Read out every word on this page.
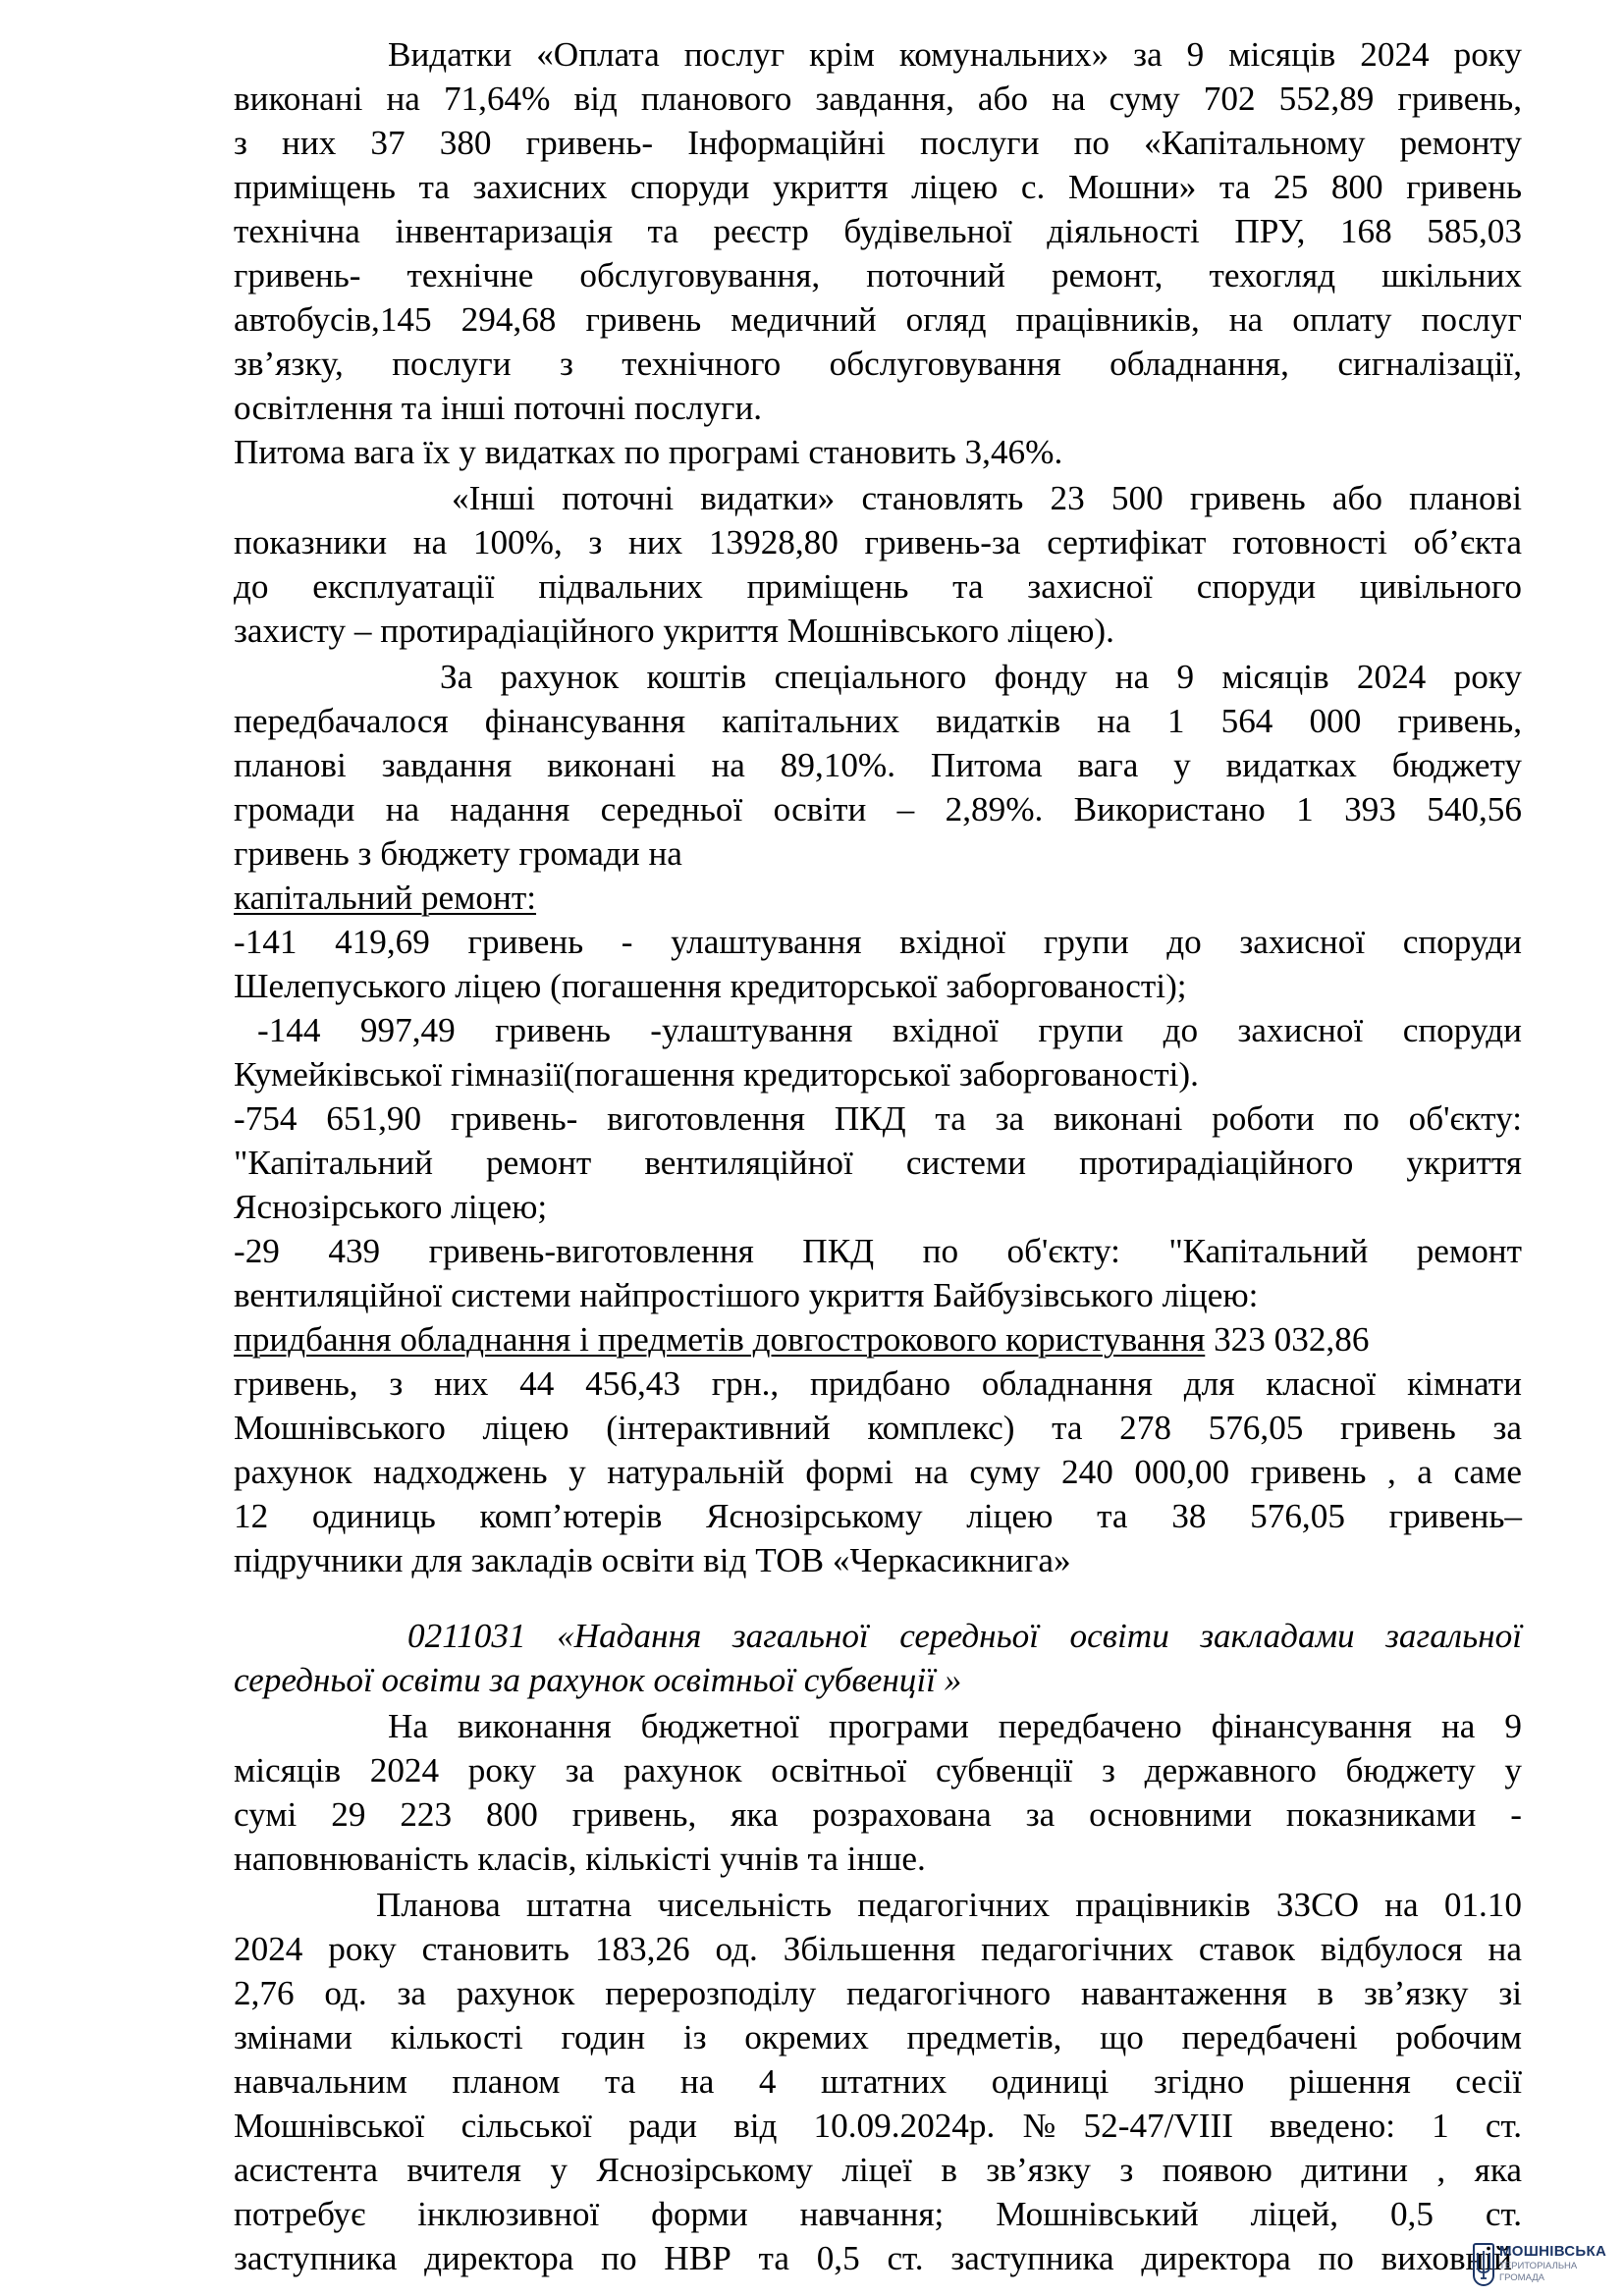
Видатки «Оплата послуг крім комунальних» за 9 місяців 2024 року
виконані на 71,64% від планового завдання, або на суму 702 552,89 гривень,
з них 37 380 гривень- Інформаційні послуги по «Капітальному ремонту
приміщень та захисних споруди укриття ліцею с. Мошни» та 25 800 гривень
технічна інвентаризація та реєстр будівельної діяльності ПРУ, 168 585,03
гривень- технічне обслуговування, поточний ремонт, техогляд шкільних
автобусів,145 294,68 гривень медичний огляд працівників, на оплату послуг
зв’язку, послуги з технічного обслуговування обладнання, сигналізації,
освітлення та інші поточні послуги.
Питома вага їх у видатках по програмі становить 3,46%.
«Інші поточні видатки» становлять 23 500 гривень або планові
показники на 100%, з них 13928,80 гривень-за сертифікат готовності об’єкта
до експлуатації підвальних приміщень та захисної споруди цивільного
захисту – протирадіаційного укриття Мошнівського ліцею).
За рахунок коштів спеціального фонду на 9 місяців 2024 року
передбачалося фінансування капітальних видатків на 1 564 000 гривень,
планові завдання виконані на 89,10%. Питома вага у видатках бюджету
громади на надання середньої освіти – 2,89%. Використано 1 393 540,56
гривень з бюджету громади на
капітальний ремонт:
-141 419,69 гривень - улаштування вхідної групи до захисної споруди
Шелепуського ліцею (погашення кредиторської заборгованості);
-144 997,49 гривень -улаштування вхідної групи до захисної споруди
Кумейківської гімназії(погашення кредиторської заборгованості).
-754 651,90 гривень- виготовлення ПКД та за виконані роботи по об'єкту:
"Капітальний ремонт вентиляційної системи протирадіаційного укриття
Яснозірського ліцею;
-29 439 гривень-виготовлення ПКД по об'єкту: "Капітальний ремонт
вентиляційної системи найпростішого укриття Байбузівського ліцею:
придбання обладнання і предметів довгострокового користування 323 032,86
гривень, з них 44 456,43 грн., придбано обладнання для класної кімнати
Мошнівського ліцею (інтерактивний комплекс) та 278 576,05 гривень за
рахунок надходжень у натуральній формі на суму 240 000,00 гривень , а саме
12 одиниць комп’ютерів Яснозірському ліцею та 38 576,05 гривень–
підручники для закладів освіти від ТОВ «Черкасикнига»
0211031 «Надання загальної середньої освіти закладами загальної
середньої освіти за рахунок освітньої субвенції »
На виконання бюджетної програми передбачено фінансування на 9
місяців 2024 року за рахунок освітньої субвенції з державного бюджету у
сумі 29 223 800 гривень, яка розрахована за основними показниками -
наповнюваність класів, кількісті учнів та інше.
Планова штатна чисельність педагогічних працівників ЗЗСО на 01.10
2024 року становить 183,26 од. Збільшення педагогічних ставок відбулося на
2,76 од. за рахунок перерозподілу педагогічного навантаження в зв’язку зі
змінами кількості годин із окремих предметів, що передбачені робочим
навчальним планом та на 4 штатних одиниці згідно рішення сесії
Мошнівської сільської ради від 10.09.2024р.№52-47/VIII введено: 1 ст.
асистента вчителя у Яснозірському ліцеї в зв’язку з появою дитини , яка
потребує інклюзивної форми навчання; Мошнівський ліцей, 0,5 ст.
заступника директора по НВР та 0,5 ст. заступника директора по виховній
МОШНІВСЬКА
ТЕРИТОРІАЛЬНА
ГРОМАДА
